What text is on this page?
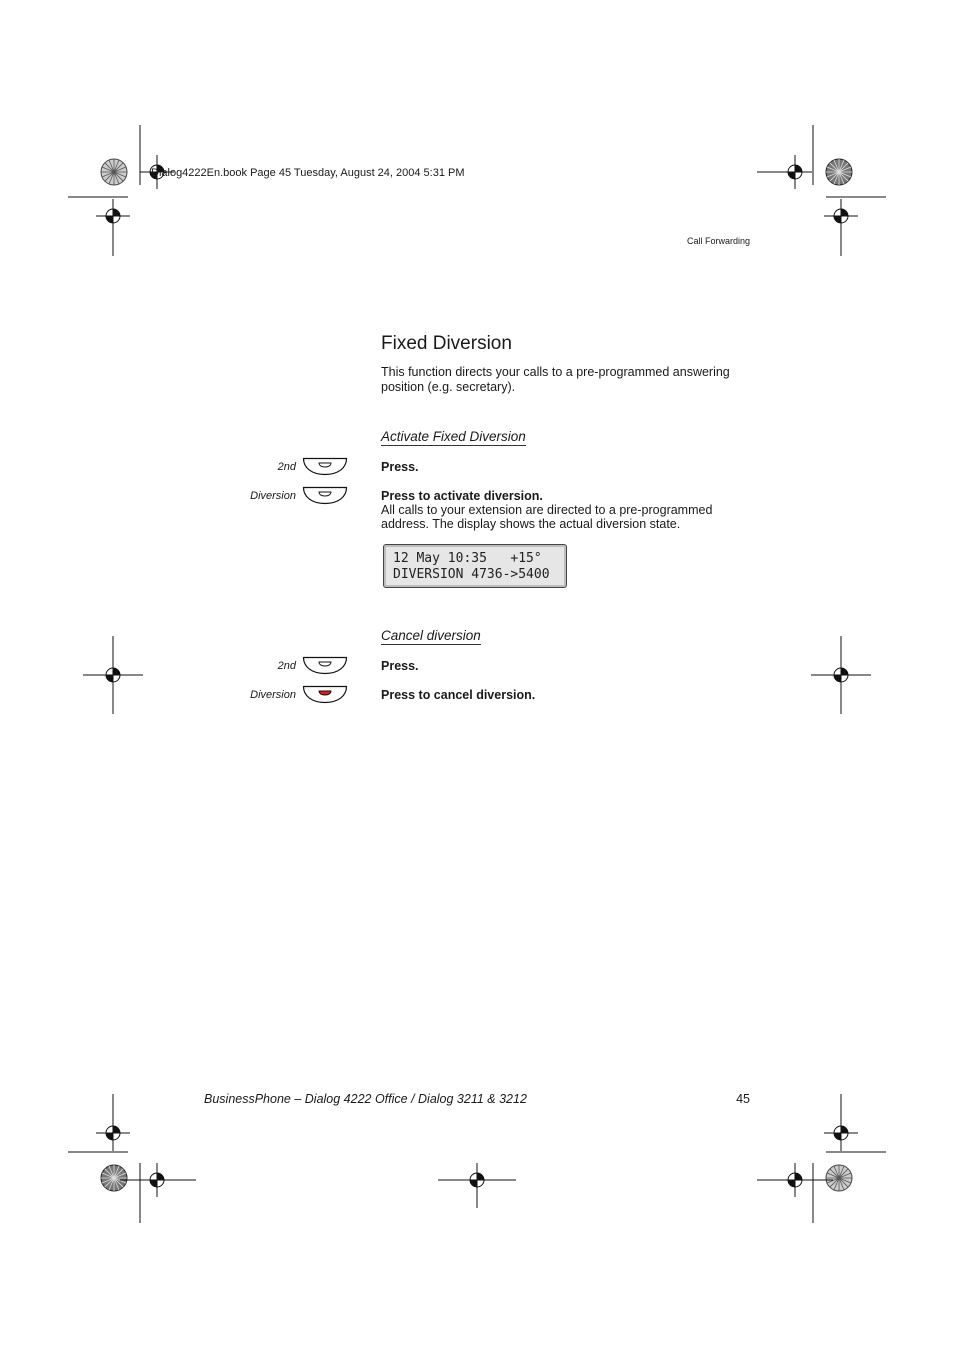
Dialog4222En.book Page 45 Tuesday, August 24, 2004 5:31 PM
Call Forwarding
Fixed Diversion

This function directs your calls to a pre-programmed answering position (e.g. secretary).

Activate Fixed Diversion
2nd	Press.
Diversion	Press to activate diversion.
All calls to your extension are directed to a pre-programmed address. The display shows the actual diversion state.
12 May 10:35   +15°
DIVERSION 4736->5400
Cancel diversion
2nd	Press.
Diversion	Press to cancel diversion.
BusinessPhone – Dialog 4222 Office / Dialog 3211 & 3212	45
